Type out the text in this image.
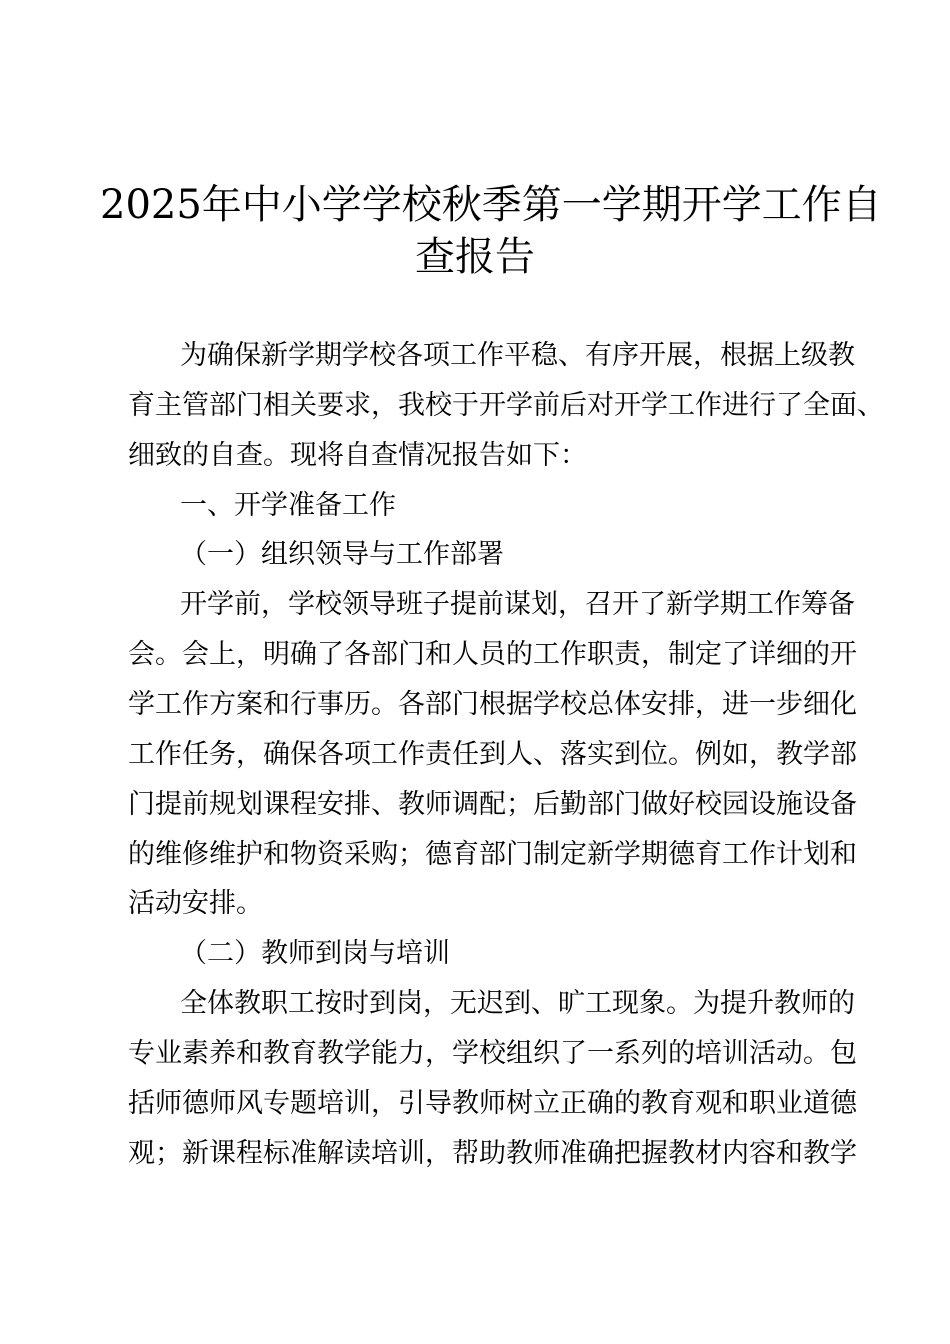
2025年中小学学校秋季第一学期开学工作自
查报告
为确保新学期学校各项工作平稳、有序开展，根据上级教
育主管部门相关要求，我校于开学前后对开学工作进行了全面、
细致的自查。现将自查情况报告如下：
一、开学准备工作
（一）组织领导与工作部署
开学前，学校领导班子提前谋划，召开了新学期工作筹备
会。会上，明确了各部门和人员的工作职责，制定了详细的开
学工作方案和行事历。各部门根据学校总体安排，进一步细化
工作任务，确保各项工作责任到人、落实到位。例如，教学部
门提前规划课程安排、教师调配；后勤部门做好校园设施设备
的维修维护和物资采购；德育部门制定新学期德育工作计划和
活动安排。
（二）教师到岗与培训
全体教职工按时到岗，无迟到、旷工现象。为提升教师的
专业素养和教育教学能力，学校组织了一系列的培训活动。包
括师德师风专题培训，引导教师树立正确的教育观和职业道德
观；新课程标准解读培训，帮助教师准确把握教材内容和教学
